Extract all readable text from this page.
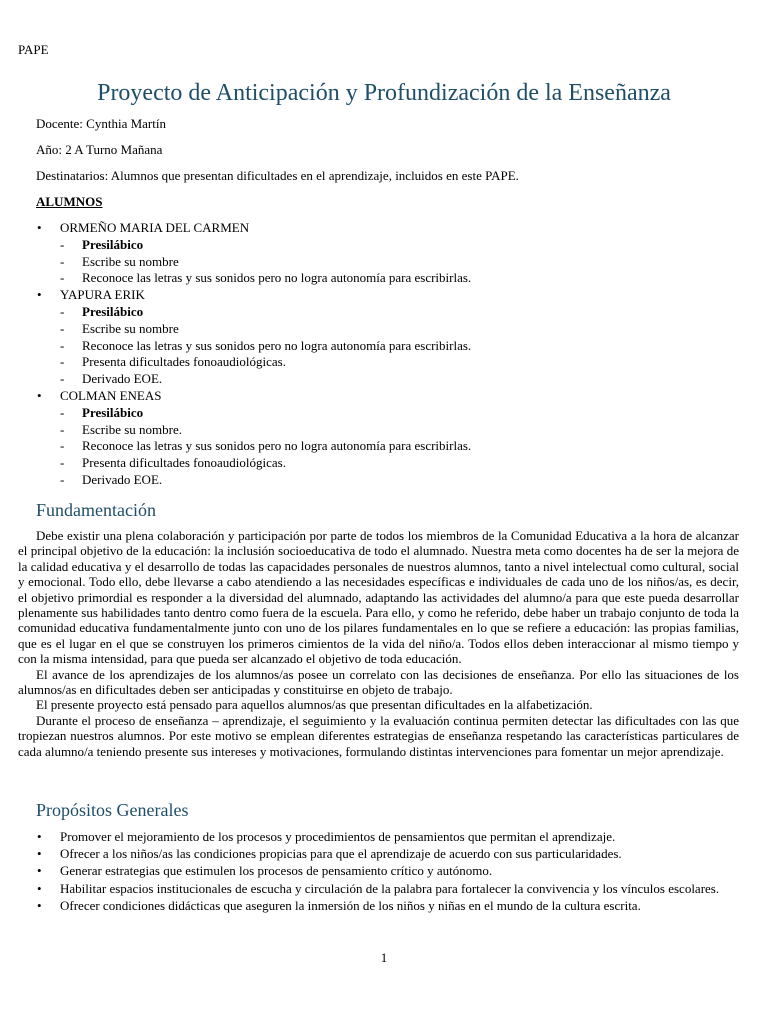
PAPE
Proyecto de Anticipación y Profundización de la Enseñanza

Docente: Cynthia Martín

Año: 2 A Turno Mañana

Destinatarios: Alumnos que presentan dificultades en el aprendizaje, incluidos en este PAPE.

ALUMNOS

• ORMEÑO MARIA DEL CARMEN
- Presilábico
- Escribe su nombre
- Reconoce las letras y sus sonidos pero no logra autonomía para escribirlas.
• YAPURA ERIK
- Presilábico
- Escribe su nombre
- Reconoce las letras y sus sonidos pero no logra autonomía para escribirlas.
- Presenta dificultades fonoaudiológicas.
- Derivado EOE.
• COLMAN ENEAS
- Presilábico
- Escribe su nombre.
- Reconoce las letras y sus sonidos pero no logra autonomía para escribirlas.
- Presenta dificultades fonoaudiológicas.
- Derivado EOE.
Fundamentación

Debe existir una plena colaboración y participación por parte de todos los miembros de la Comunidad Educativa a la hora de alcanzar el principal objetivo de la educación: la inclusión socioeducativa de todo el alumnado. Nuestra meta como docentes ha de ser la mejora de la calidad educativa y el desarrollo de todas las capacidades personales de nuestros alumnos, tanto a nivel intelectual como cultural, social y emocional. Todo ello, debe llevarse a cabo atendiendo a las necesidades específicas e individuales de cada uno de los niños/as, es decir, el objetivo primordial es responder a la diversidad del alumnado, adaptando las actividades del alumno/a para que este pueda desarrollar plenamente sus habilidades tanto dentro como fuera de la escuela. Para ello, y como he referido, debe haber un trabajo conjunto de toda la comunidad educativa fundamentalmente junto con uno de los pilares fundamentales en lo que se refiere a educación: las propias familias, que es el lugar en el que se construyen los primeros cimientos de la vida del niño/a. Todos ellos deben interaccionar al mismo tiempo y con la misma intensidad, para que pueda ser alcanzado el objetivo de toda educación.

El avance de los aprendizajes de los alumnos/as posee un correlato con las decisiones de enseñanza. Por ello las situaciones de los alumnos/as en dificultades deben ser anticipadas y constituirse en objeto de trabajo.

El presente proyecto está pensado para aquellos alumnos/as que presentan dificultades en la alfabetización.

Durante el proceso de enseñanza – aprendizaje, el seguimiento y la evaluación continua permiten detectar las dificultades con las que tropiezan nuestros alumnos. Por este motivo se emplean diferentes estrategias de enseñanza respetando las características particulares de cada alumno/a teniendo presente sus intereses y motivaciones, formulando distintas intervenciones para fomentar un mejor aprendizaje.

Propósitos Generales
• Promover el mejoramiento de los procesos y procedimientos de pensamientos que permitan el aprendizaje.
• Ofrecer a los niños/as las condiciones propicias para que el aprendizaje de acuerdo con sus particularidades.
• Generar estrategias que estimulen los procesos de pensamiento crítico y autónomo.
• Habilitar espacios institucionales de escucha y circulación de la palabra para fortalecer la convivencia y los vínculos escolares.
• Ofrecer condiciones didácticas que aseguren la inmersión de los niños y niñas en el mundo de la cultura escrita.
1
